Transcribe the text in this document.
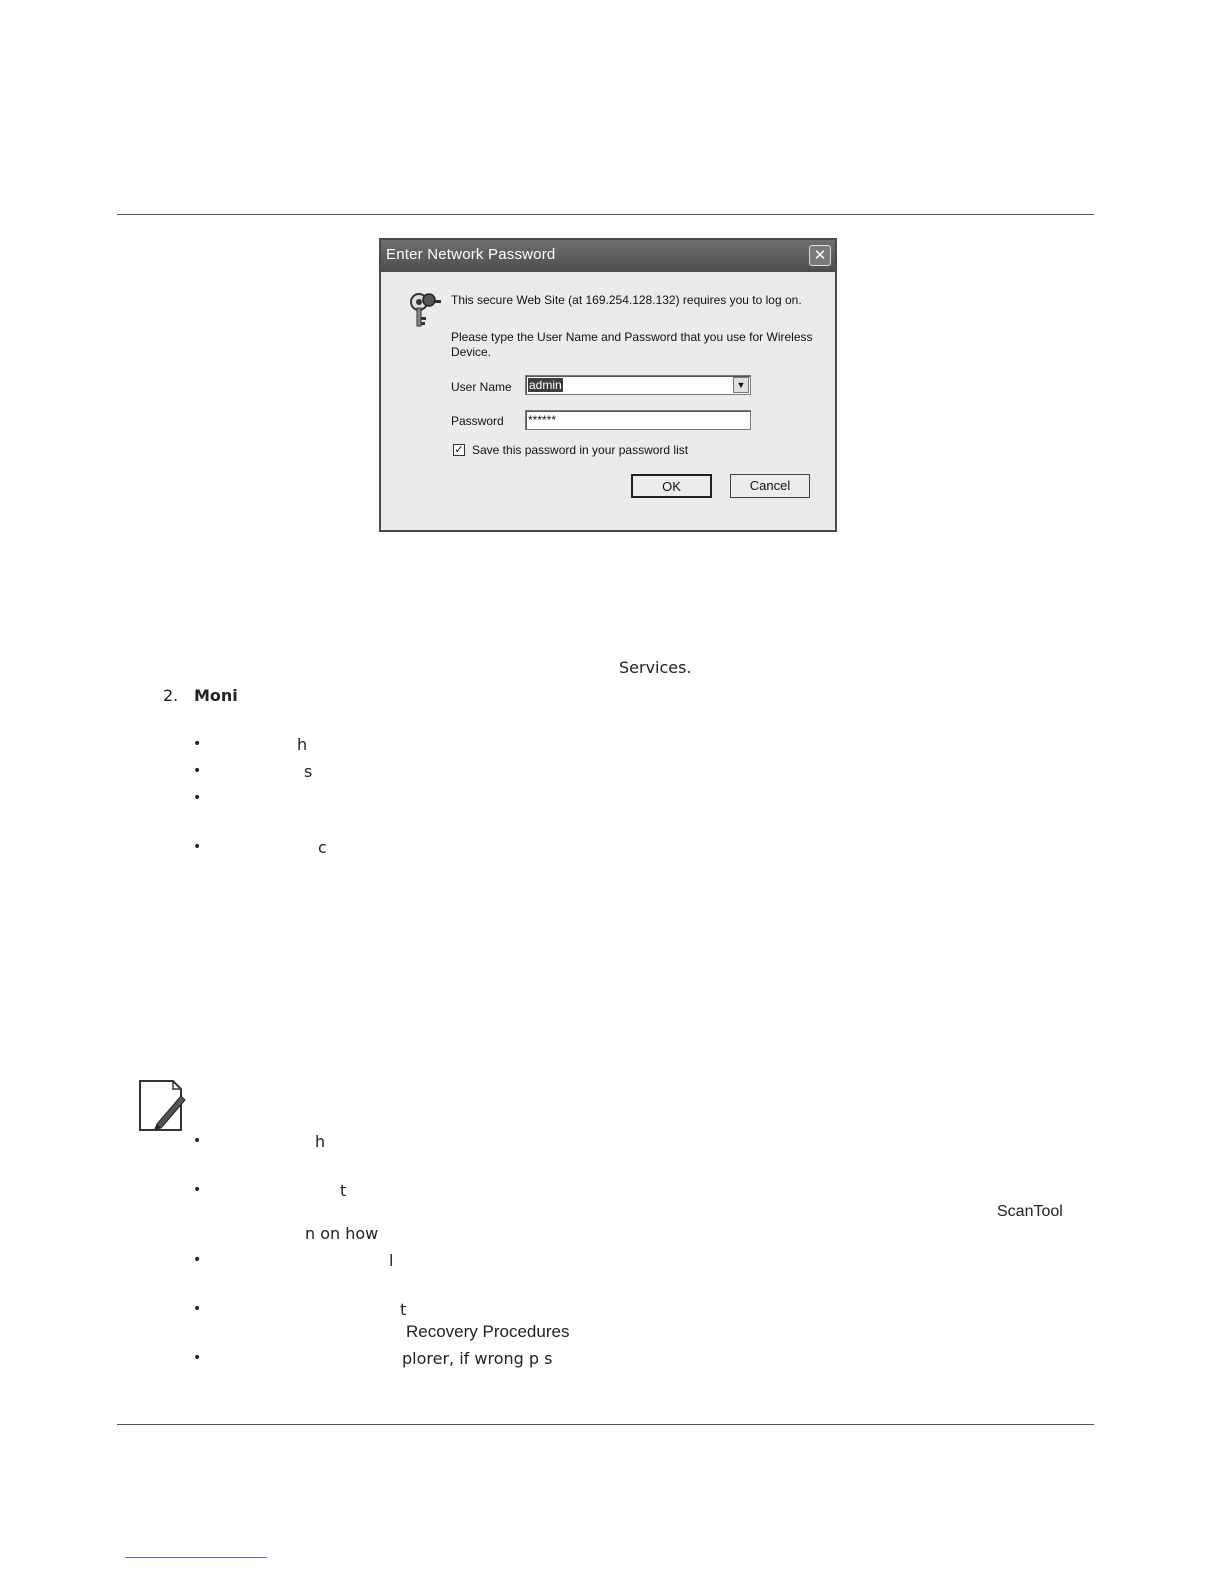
Enter Network Password	✕
This secure Web Site (at 169.254.128.132) requires you to log on.
Please type the User Name and Password that you use for Wireless
Device.
User Name	admin	▼
Password ******
✓ Save this password in your password list
OK	Cancel
Services.
2. Moni
•	h
•	s
•
•	c
•	h
•	t
ScanTool
n on how
•	l
•	t
Recovery Procedures
•	plorer, if wrong p s
